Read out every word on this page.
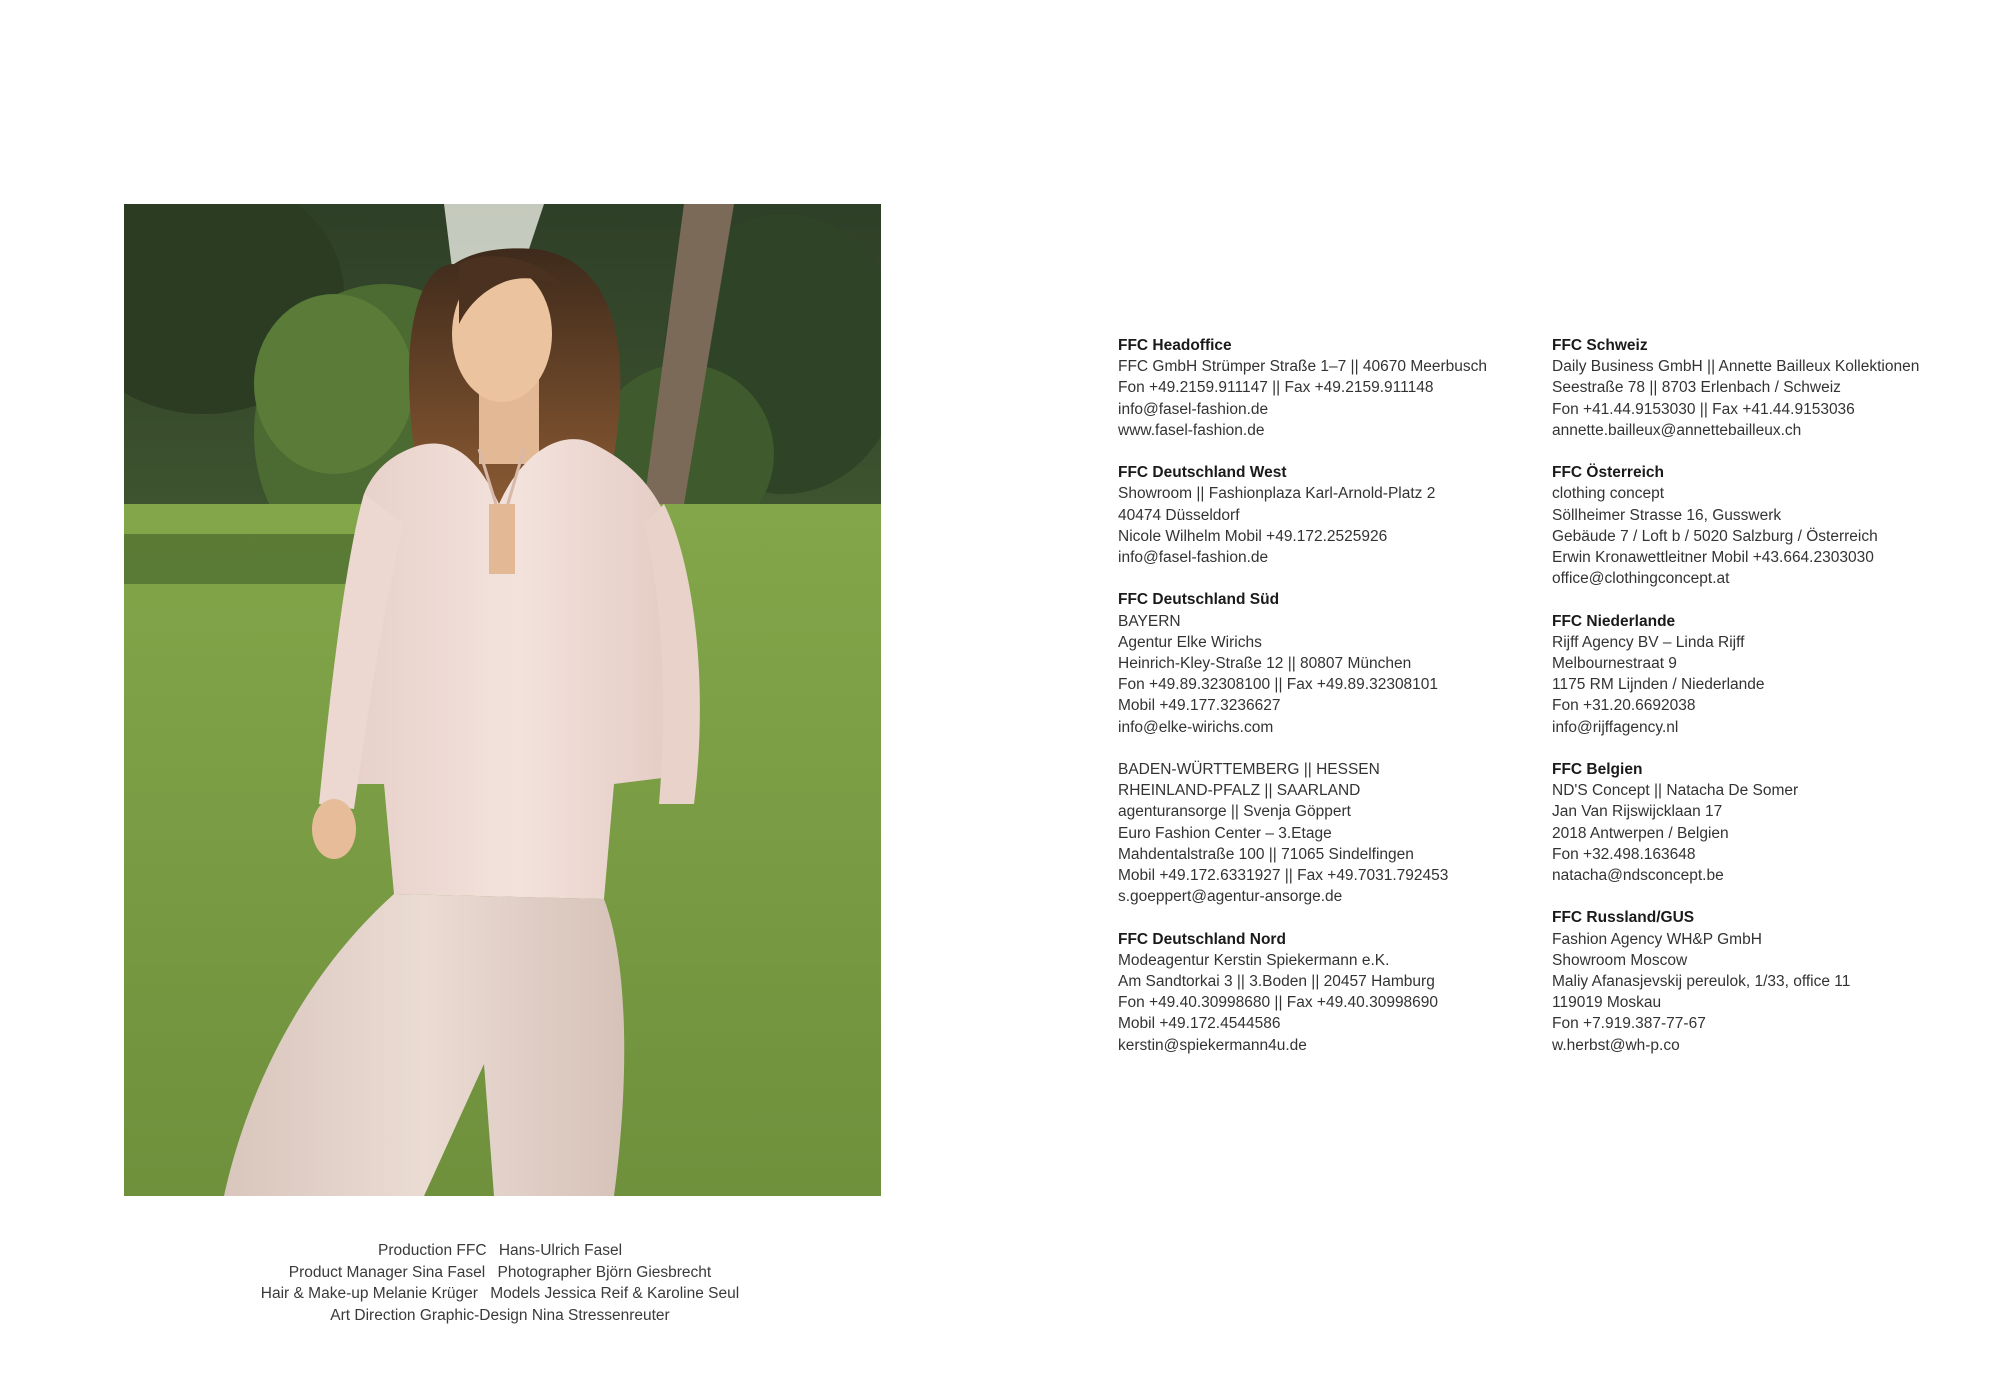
Production FFC Hans-Ulrich Fasel
Product Manager Sina Fasel Photographer Björn Giesbrecht
Hair & Make-up Melanie Krüger Models Jessica Reif & Karoline Seul
Art Direction Graphic-Design Nina Stressenreuter
FFC Headoffice
FFC GmbH Strümper Straße 1–7 || 40670 Meerbusch
Fon +49.2159.911147 || Fax +49.2159.911148
info@fasel-fashion.de
www.fasel-fashion.de
FFC Deutschland West
Showroom || Fashionplaza Karl-Arnold-Platz 2
40474 Düsseldorf
Nicole Wilhelm Mobil +49.172.2525926
info@fasel-fashion.de
FFC Deutschland Süd
BAYERN
Agentur Elke Wirichs
Heinrich-Kley-Straße 12 || 80807 München
Fon +49.89.32308100 || Fax +49.89.32308101
Mobil +49.177.3236627
info@elke-wirichs.com
BADEN-WÜRTTEMBERG || HESSEN
RHEINLAND-PFALZ || SAARLAND
agenturansorge || Svenja Göppert
Euro Fashion Center – 3.Etage
Mahdentalstraße 100 || 71065 Sindelfingen
Mobil +49.172.6331927 || Fax +49.7031.792453
s.goeppert@agentur-ansorge.de
FFC Deutschland Nord
Modeagentur Kerstin Spiekermann e.K.
Am Sandtorkai 3 || 3.Boden || 20457 Hamburg
Fon +49.40.30998680 || Fax +49.40.30998690
Mobil +49.172.4544586
kerstin@spiekermann4u.de
FFC Schweiz
Daily Business GmbH || Annette Bailleux Kollektionen
Seestraße 78 || 8703 Erlenbach / Schweiz
Fon +41.44.9153030 || Fax +41.44.9153036
annette.bailleux@annettebailleux.ch
FFC Österreich
clothing concept
Söllheimer Strasse 16, Gusswerk
Gebäude 7 / Loft b / 5020 Salzburg / Österreich
Erwin Kronawettleitner Mobil +43.664.2303030
office@clothingconcept.at
FFC Niederlande
Rijff Agency BV – Linda Rijff
Melbournestraat 9
1175 RM Lijnden / Niederlande
Fon +31.20.6692038
info@rijffagency.nl
FFC Belgien
ND'S Concept || Natacha De Somer
Jan Van Rijswijcklaan 17
2018 Antwerpen / Belgien
Fon +32.498.163648
natacha@ndsconcept.be
FFC Russland/GUS
Fashion Agency WH&P GmbH
Showroom Moscow
Maliy Afanasjevskij pereulok, 1/33, office 11
119019 Moskau
Fon +7.919.387-77-67
w.herbst@wh-p.co
